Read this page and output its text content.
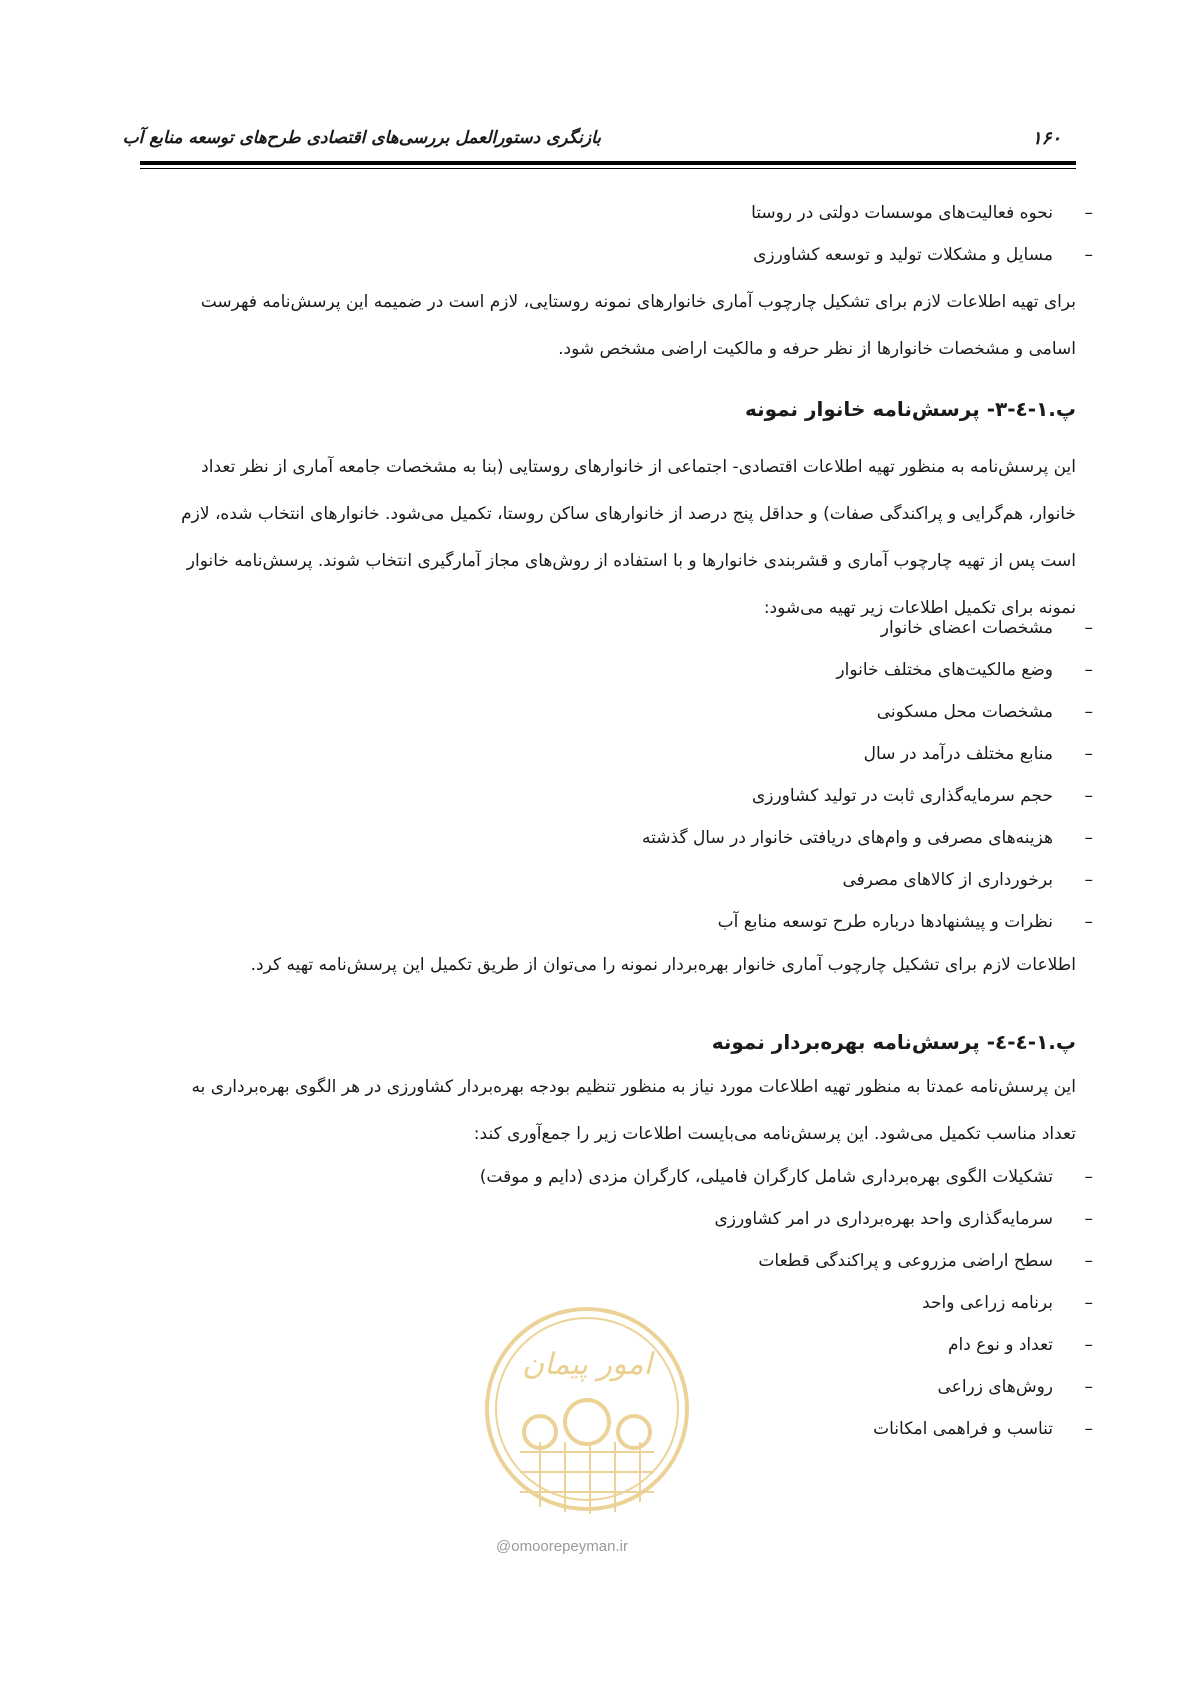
بازنگری دستورالعمل بررسی‌های اقتصادی طرح‌های توسعه منابع آب	۱۶۰
–نحوه فعالیت‌های موسسات دولتی در روستا
–مسایل و مشکلات تولید و توسعه کشاورزی
برای تهیه اطلاعات لازم برای تشکیل چارچوب آماری خانوارهای نمونه روستایی، لازم است در ضمیمه این پرسش‌نامه فهرست
اسامی و مشخصات خانوارها از نظر حرفه و مالکیت اراضی مشخص شود.
پ.۱-٤-۳- پرسش‌نامه خانوار نمونه
این پرسش‌نامه به منظور تهیه اطلاعات اقتصادی- اجتماعی از خانوارهای روستایی (بنا به مشخصات جامعه آماری از نظر تعداد
خانوار، هم‌گرایی و پراکندگی صفات) و حداقل پنج درصد از خانوارهای ساکن روستا، تکمیل می‌شود. خانوارهای انتخاب شده، لازم
است پس از تهیه چارچوب آماری و قشربندی خانوارها و با استفاده از روش‌های مجاز آمارگیری انتخاب شوند. پرسش‌نامه خانوار
نمونه برای تکمیل اطلاعات زیر تهیه می‌شود:
–مشخصات اعضای خانوار
–وضع مالکیت‌های مختلف خانوار
–مشخصات محل مسکونی
–منابع مختلف درآمد در سال
–حجم سرمایه‌گذاری ثابت در تولید کشاورزی
–هزینه‌های مصرفی و وام‌های دریافتی خانوار در سال گذشته
–برخورداری از کالاهای مصرفی
–نظرات و پیشنهادها درباره طرح توسعه منابع آب
اطلاعات لازم برای تشکیل چارچوب آماری خانوار بهره‌بردار نمونه را می‌توان از طریق تکمیل این پرسش‌نامه تهیه کرد.
پ.۱-٤-٤- پرسش‌نامه بهره‌بردار نمونه
این پرسش‌نامه عمدتا به منظور تهیه اطلاعات مورد نیاز به منظور تنظیم بودجه بهره‌بردار کشاورزی در هر الگوی بهره‌برداری به
تعداد مناسب تکمیل می‌شود. این پرسش‌نامه می‌بایست اطلاعات زیر را جمع‌آوری کند:
–تشکیلات الگوی بهره‌برداری شامل کارگران فامیلی، کارگران مزدی (دایم و موقت)
–سرمایه‌گذاری واحد بهره‌برداری در امر کشاورزی
–سطح اراضی مزروعی و پراکندگی قطعات
–برنامه زراعی واحد
–تعداد و نوع دام
–روش‌های زراعی
–تناسب و فراهمی امکانات
امور پیمان
@omoorepeyman.ir
